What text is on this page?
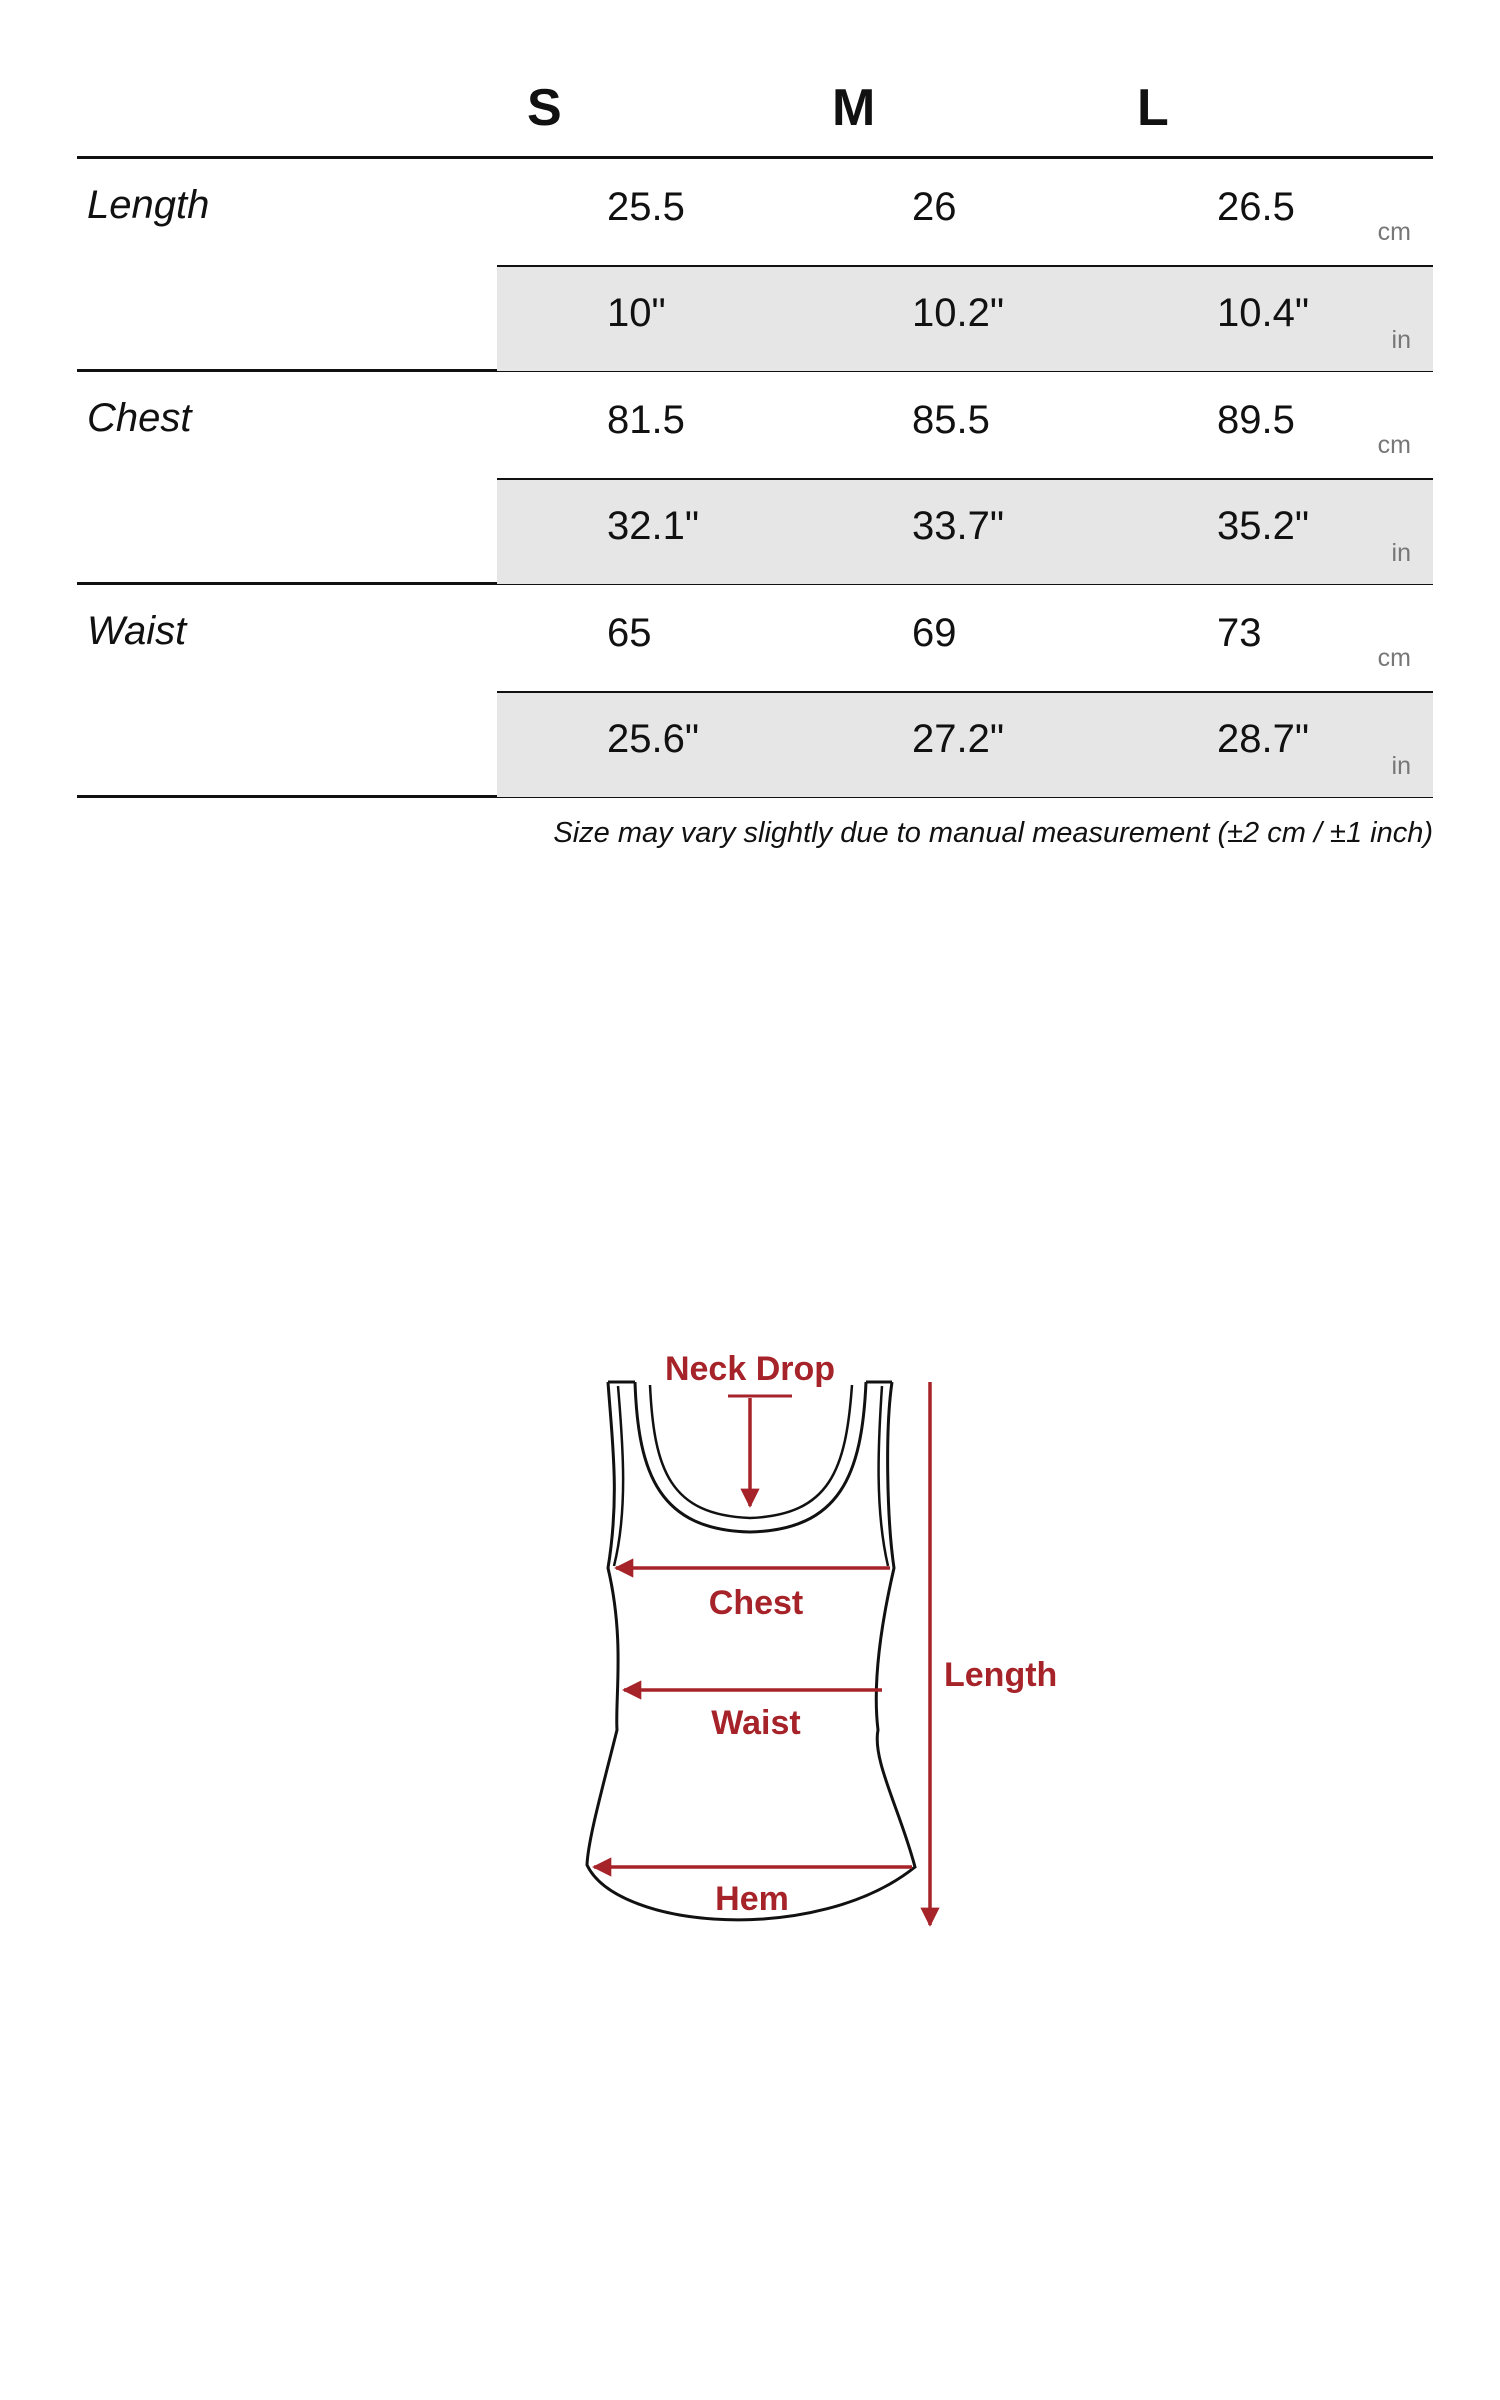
S	M	L
Length	25.5	26	26.5
cm
10"	10.2"	10.4"
in
Chest	81.5	85.5	89.5
cm
32.1"	33.7"	35.2"
in
Waist	65	69	73
cm
25.6"	27.2"	28.7"
in
Size may vary slightly due to manual measurement (±2 cm / ±1 inch)
Neck Drop
Chest
Waist
Hem
Length
